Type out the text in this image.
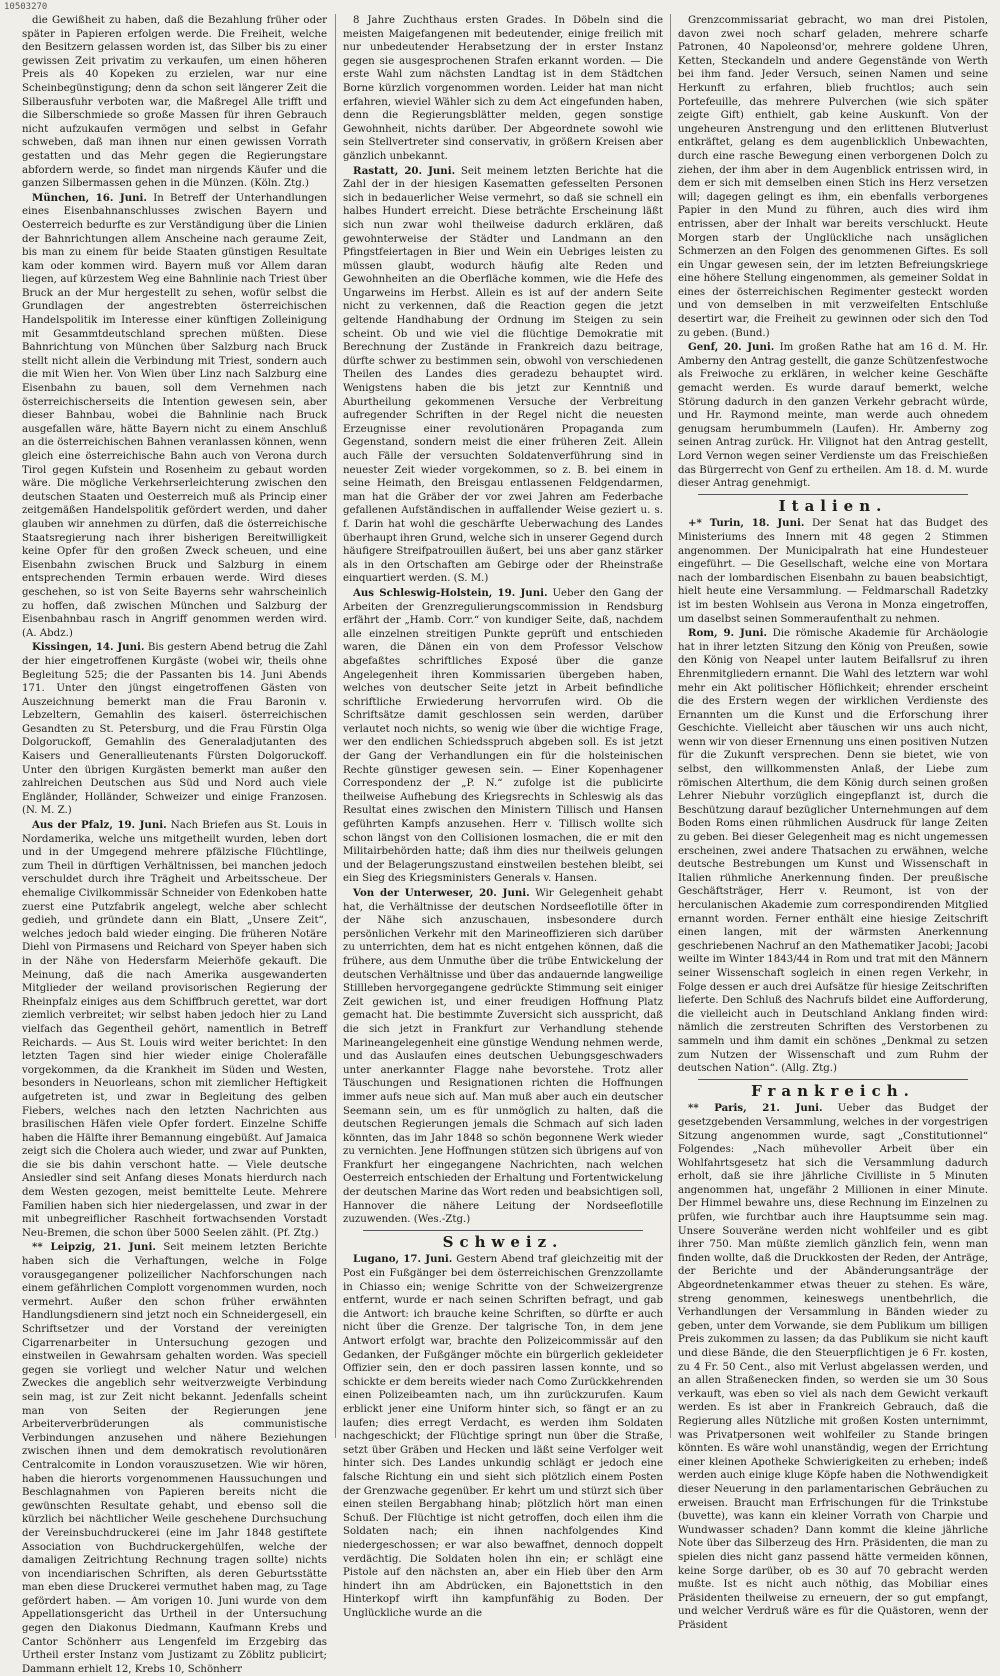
10503270

die Gewißheit zu haben, daß die Bezahlung früher oder später in Papieren erfolgen werde. Die Freiheit, welche den Besitzern gelassen worden ist, das Silber bis zu einer gewissen Zeit privatim zu verkaufen, um einen höheren Preis als 40 Kopeken zu erzielen, war nur eine Scheinbegünstigung; denn da schon seit längerer Zeit die Silberausfuhr verboten war, die Maßregel Alle trifft und die Silberschmiede so große Massen für ihren Gebrauch nicht aufzukaufen vermögen und selbst in Gefahr schweben, daß man ihnen nur einen gewissen Vorrath gestatten und das Mehr gegen die Regierungstare abfordern werde, so findet man nirgends Käufer und die ganzen Silbermassen gehen in die Münzen. (Köln. Ztg.)

München, 16. Juni. In Betreff der Unterhandlungen eines Eisenbahnanschlusses zwischen Bayern und Oesterreich bedurfte es zur Verständigung über die Linien der Bahnrichtungen allem Anscheine nach geraume Zeit, bis man zu einem für beide Staaten günstigen Resultate kam oder kommen wird. Bayern muß vor Allem daran liegen, auf kürzestem Weg eine Bahnlinie nach Triest über Bruck an der Mur hergestellt zu sehen, wofür selbst die Grundlagen der angestrebten österreichischen Handelspolitik im Interesse einer künftigen Zolleinigung mit Gesammtdeutschland sprechen müßten. Diese Bahnrichtung von München über Salzburg nach Bruck stellt nicht allein die Verbindung mit Triest, sondern auch die mit Wien her. Von Wien über Linz nach Salzburg eine Eisenbahn zu bauen, soll dem Vernehmen nach österreichischerseits die Intention gewesen sein, aber dieser Bahnbau, wobei die Bahnlinie nach Bruck ausgefallen wäre, hätte Bayern nicht zu einem Anschluß an die österreichischen Bahnen veranlassen können, wenn gleich eine österreichische Bahn auch von Verona durch Tirol gegen Kufstein und Rosenheim zu gebaut worden wäre. Die mögliche Verkehrserleichterung zwischen den deutschen Staaten und Oesterreich muß als Princip einer zeitgemäßen Handelspolitik gefördert werden, und daher glauben wir annehmen zu dürfen, daß die österreichische Staatsregierung nach ihrer bisherigen Bereitwilligkeit keine Opfer für den großen Zweck scheuen, und eine Eisenbahn zwischen Bruck und Salzburg in einem entsprechenden Termin erbauen werde. Wird dieses geschehen, so ist von Seite Bayerns sehr wahrscheinlich zu hoffen, daß zwischen München und Salzburg der Eisenbahnbau rasch in Angriff genommen werden wird. (A. Abdz.)

Kissingen, 14. Juni. Bis gestern Abend betrug die Zahl der hier eingetroffenen Kurgäste (wobei wir, theils ohne Begleitung 525; die der Passanten bis 14. Juni Abends 171. Unter den jüngst eingetroffenen Gästen von Auszeichnung bemerkt man die Frau Baronin v. Lebzeltern, Gemahlin des kaiserl. österreichischen Gesandten zu St. Petersburg, und die Frau Fürstin Olga Dolgoruckoff, Gemahlin des Generaladjutanten des Kaisers und Generallieutenants Fürsten Dolgoruckoff. Unter den übrigen Kurgästen bemerkt man außer den zahlreichen Deutschen aus Süd und Nord auch viele Engländer, Holländer, Schweizer und einige Franzosen. (N. M. Z.)

Aus der Pfalz, 19. Juni. Nach Briefen aus St. Louis in Nordamerika, welche uns mitgetheilt wurden, leben dort und in der Umgegend mehrere pfälzische Flüchtlinge, zum Theil in dürftigen Verhältnissen, bei manchen jedoch verschuldet durch ihre Trägheit und Arbeitsscheue. Der ehemalige Civilkommissär Schneider von Edenkoben hatte zuerst eine Putzfabrik angelegt, welche aber schlecht gedieh, und gründete dann ein Blatt, „Unsere Zeit“, welches jedoch bald wieder einging. Die früheren Notäre Diehl von Pirmasens und Reichard von Speyer haben sich in der Nähe von Hedersfarm Meierhöfe gekauft. Die Meinung, daß die nach Amerika ausgewanderten Mitglieder der weiland provisorischen Regierung der Rheinpfalz einiges aus dem Schiffbruch gerettet, war dort ziemlich verbreitet; wir selbst haben jedoch hier zu Land vielfach das Gegentheil gehört, namentlich in Betreff Reichards. — Aus St. Louis wird weiter berichtet: In den letzten Tagen sind hier wieder einige Cholerafälle vorgekommen, da die Krankheit im Süden und Westen, besonders in Neuorleans, schon mit ziemlicher Heftigkeit aufgetreten ist, und zwar in Begleitung des gelben Fiebers, welches nach den letzten Nachrichten aus brasilischen Häfen viele Opfer fordert. Einzelne Schiffe haben die Hälfte ihrer Bemannung eingebüßt. Auf Jamaica zeigt sich die Cholera auch wieder, und zwar auf Punkten, die sie bis dahin verschont hatte. — Viele deutsche Ansiedler sind seit Anfang dieses Monats hierdurch nach dem Westen gezogen, meist bemittelte Leute. Mehrere Familien haben sich hier niedergelassen, und zwar in der mit unbegreiflicher Raschheit fortwachsenden Vorstadt Neu-Bremen, die schon über 5000 Seelen zählt. (Pf. Ztg.)

** Leipzig, 21. Juni. Seit meinem letzten Berichte haben sich die Verhaftungen, welche in Folge vorausgegangener polizeilicher Nachforschungen nach einem gefährlichen Complott vorgenommen wurden, noch vermehrt. Außer den schon früher erwähnten Handlungsdienern sind jetzt noch ein Schneidergesell, ein Schriftsetzer und der Vorstand der vereinigten Cigarrenarbeiter in Untersuchung gezogen und einstweilen in Gewahrsam gehalten worden. Was speciell gegen sie vorliegt und welcher Natur und welchen Zweckes die angeblich sehr weitverzweigte Verbindung sein mag, ist zur Zeit nicht bekannt. Jedenfalls scheint man von Seiten der Regierungen jene Arbeiterverbrüderungen als communistische Verbindungen anzusehen und nähere Beziehungen zwischen ihnen und dem demokratisch revolutionären Centralcomite in London vorauszusetzen. Wie wir hören, haben die hierorts vorgenommenen Haussuchungen und Beschlagnahmen von Papieren bereits nicht die gewünschten Resultate gehabt, und ebenso soll die kürzlich bei nächtlicher Weile geschehene Durchsuchung der Vereinsbuchdruckerei (eine im Jahr 1848 gestiftete Association von Buchdruckergehülfen, welche der damaligen Zeitrichtung Rechnung tragen sollte) nichts von incendiarischen Schriften, als deren Geburtsstätte man eben diese Druckerei vermuthet haben mag, zu Tage gefördert haben. — Am vorigen 10. Juni wurde von dem Appellationsgericht das Urtheil in der Untersuchung gegen den Diakonus Diedmann, Kaufmann Krebs und Cantor Schönherr aus Lengenfeld im Erzgebirg das Urtheil erster Instanz vom Justizamt zu Zöblitz publicirt; Dammann erhielt 12, Krebs 10, Schönherr

8 Jahre Zuchthaus ersten Grades. In Döbeln sind die meisten Maigefangenen mit bedeutender, einige freilich mit nur unbedeutender Herabsetzung der in erster Instanz gegen sie ausgesprochenen Strafen erkannt worden. — Die erste Wahl zum nächsten Landtag ist in dem Städtchen Borne kürzlich vorgenommen worden. Leider hat man nicht erfahren, wieviel Wähler sich zu dem Act eingefunden haben, denn die Regierungsblätter melden, gegen sonstige Gewohnheit, nichts darüber. Der Abgeordnete sowohl wie sein Stellvertreter sind conservativ, in größern Kreisen aber gänzlich unbekannt.

Rastatt, 20. Juni. Seit meinem letzten Berichte hat die Zahl der in der hiesigen Kasematten gefesselten Personen sich in bedauerlicher Weise vermehrt, so daß sie schnell ein halbes Hundert erreicht. Diese beträchte Erscheinung läßt sich nun zwar wohl theilweise dadurch erklären, daß gewohnterweise der Städter und Landmann an den Pfingstfeiertagen in Bier und Wein ein Uebriges leisten zu müssen glaubt, wodurch häufig alte Reden und Gewohnheiten an die Oberfläche kommen, wie die Hefe des Ungarweins im Herbst. Allein es ist auf der andern Seite nicht zu verkennen, daß die Reaction gegen die jetzt geltende Handhabung der Ordnung im Steigen zu sein scheint. Ob und wie viel die flüchtige Demokratie mit Berechnung der Zustände in Frankreich dazu beitrage, dürfte schwer zu bestimmen sein, obwohl von verschiedenen Theilen des Landes dies geradezu behauptet wird. Wenigstens haben die bis jetzt zur Kenntniß und Aburtheilung gekommenen Versuche der Verbreitung aufregender Schriften in der Regel nicht die neuesten Erzeugnisse einer revolutionären Propaganda zum Gegenstand, sondern meist die einer früheren Zeit. Allein auch Fälle der versuchten Soldatenverführung sind in neuester Zeit wieder vorgekommen, so z. B. bei einem in seine Heimath, den Breisgau entlassenen Feldgendarmen, man hat die Gräber der vor zwei Jahren am Federbache gefallenen Aufständischen in auffallender Weise geziert u. s. f. Darin hat wohl die geschärfte Ueberwachung des Landes überhaupt ihren Grund, welche sich in unserer Gegend durch häufigere Streifpatrouillen äußert, bei uns aber ganz stärker als in den Ortschaften am Gebirge oder der Rheinstraße einquartiert werden. (S. M.)

Aus Schleswig-Holstein, 19. Juni. Ueber den Gang der Arbeiten der Grenzregulierungscommission in Rendsburg erfährt der „Hamb. Corr.“ von kundiger Seite, daß, nachdem alle einzelnen streitigen Punkte geprüft und entschieden waren, die Dänen ein von dem Professor Velschow abgefaßtes schriftliches Exposé über die ganze Angelegenheit ihren Kommissarien übergeben haben, welches von deutscher Seite jetzt in Arbeit befindliche schriftliche Erwiederung hervorrufen wird. Ob die Schriftsätze damit geschlossen sein werden, darüber verlautet noch nichts, so wenig wie über die wichtige Frage, wer den endlichen Schiedsspruch abgeben soll. Es ist jetzt der Gang der Verhandlungen ein für die holsteinischen Rechte günstiger gewesen sein. — Einer Kopenhagener Correspondenz der „P. N.“ zufolge ist die publicirte theilweise Aufhebung des Kriegsrechts in Schleswig als das Resultat eines zwischen den Ministern Tillisch und Hansen geführten Kampfs anzusehen. Herr v. Tillisch wollte sich schon längst von den Collisionen losmachen, die er mit den Militairbehörden hatte; daß ihm dies nur theilweis gelungen und der Belagerungszustand einstweilen bestehen bleibt, sei ein Sieg des Kriegsministers Generals v. Hansen.

Von der Unterweser, 20. Juni. Wir Gelegenheit gehabt hat, die Verhältnisse der deutschen Nordseeflotille öfter in der Nähe sich anzuschauen, insbesondere durch persönlichen Verkehr mit den Marineoffizieren sich darüber zu unterrichten, dem hat es nicht entgehen können, daß die frühere, aus dem Unmuthe über die trübe Entwickelung der deutschen Verhältnisse und über das andauernde langweilige Stillleben hervorgegangene gedrückte Stimmung seit einiger Zeit gewichen ist, und einer freudigen Hoffnung Platz gemacht hat. Die bestimmte Zuversicht sich ausspricht, daß die sich jetzt in Frankfurt zur Verhandlung stehende Marineangelegenheit eine günstige Wendung nehmen werde, und das Auslaufen eines deutschen Uebungsgeschwaders unter anerkannter Flagge nahe bevorstehe. Trotz aller Täuschungen und Resignationen richten die Hoffnungen immer aufs neue sich auf. Man muß aber auch ein deutscher Seemann sein, um es für unmöglich zu halten, daß die deutschen Regierungen jemals die Schmach auf sich laden könnten, das im Jahr 1848 so schön begonnene Werk wieder zu vernichten. Jene Hoffnungen stützen sich übrigens auf von Frankfurt her eingegangene Nachrichten, nach welchen Oesterreich entschieden der Erhaltung und Fortentwickelung der deutschen Marine das Wort reden und beabsichtigen soll, Hannover die nähere Leitung der Nordseeflotille zuzuwenden. (Wes.-Ztg.)

Schweiz.

Lugano, 17. Juni. Gestern Abend traf gleichzeitig mit der Post ein Fußgänger bei dem österreichischen Grenzzollamte in Chiasso ein; wenige Schritte von der Schweizergrenze entfernt, wurde er nach seinen Schriften befragt, und gab die Antwort: ich brauche keine Schriften, so dürfte er auch nicht über die Grenze. Der talgrische Ton, in dem jene Antwort erfolgt war, brachte den Polizeicommissär auf den Gedanken, der Fußgänger möchte ein bürgerlich gekleideter Offizier sein, den er doch passiren lassen konnte, und so schickte er dem bereits wieder nach Como Zurückkehrenden einen Polizeibeamten nach, um ihn zurückzurufen. Kaum erblickt jener eine Uniform hinter sich, so fängt er an zu laufen; dies erregt Verdacht, es werden ihm Soldaten nachgeschickt; der Flüchtige springt nun über die Straße, setzt über Gräben und Hecken und läßt seine Verfolger weit hinter sich. Des Landes unkundig schlägt er jedoch eine falsche Richtung ein und sieht sich plötzlich einem Posten der Grenzwache gegenüber. Er kehrt um und stürzt sich über einen steilen Bergabhang hinab; plötzlich hört man einen Schuß. Der Flüchtige ist nicht getroffen, doch eilen ihm die Soldaten nach; ein ihnen nachfolgendes Kind niedergeschossen; er war also bewaffnet, dennoch doppelt verdächtig. Die Soldaten holen ihn ein; er schlägt eine Pistole auf den nächsten an, aber ein Hieb über den Arm hindert ihn am Abdrücken, ein Bajonettstich in den Hinterkopf wirft ihn kampfunfähig zu Boden. Der Unglückliche wurde an die

Grenzcommissariat gebracht, wo man drei Pistolen, davon zwei noch scharf geladen, mehrere scharfe Patronen, 40 Napoleonsd'or, mehrere goldene Uhren, Ketten, Steckandeln und andere Gegenstände von Werth bei ihm fand. Jeder Versuch, seinen Namen und seine Herkunft zu erfahren, blieb fruchtlos; auch sein Portefeuille, das mehrere Pulverchen (wie sich später zeigte Gift) enthielt, gab keine Auskunft. Von der ungeheuren Anstrengung und den erlittenen Blutverlust entkräftet, gelang es dem augenblicklich Unbewachten, durch eine rasche Bewegung einen verborgenen Dolch zu ziehen, der ihm aber in dem Augenblick entrissen wird, in dem er sich mit demselben einen Stich ins Herz versetzen will; dagegen gelingt es ihm, ein ebenfalls verborgenes Papier in den Mund zu führen, auch dies wird ihm entrissen, aber der Inhalt war bereits verschluckt. Heute Morgen starb der Unglückliche nach unsäglichen Schmerzen an den Folgen des genommenen Giftes. Es soll ein Ungar gewesen sein, der im letzten Befreiungskriege eine höhere Stellung eingenommen, als gemeiner Soldat in eines der österreichischen Regimenter gesteckt worden und von demselben in mit verzweifelten Entschluße desertirt war, die Freiheit zu gewinnen oder sich den Tod zu geben. (Bund.)

Genf, 20. Juni. Im großen Rathe hat am 16 d. M. Hr. Amberny den Antrag gestellt, die ganze Schützenfestwoche als Freiwoche zu erklären, in welcher keine Geschäfte gemacht werden. Es wurde darauf bemerkt, welche Störung dadurch in den ganzen Verkehr gebracht würde, und Hr. Raymond meinte, man werde auch ohnedem genugsam herumbummeln (Laufen). Hr. Amberny zog seinen Antrag zurück. Hr. Vilignot hat den Antrag gestellt, Lord Vernon wegen seiner Verdienste um das Freischießen das Bürgerrecht von Genf zu ertheilen. Am 18. d. M. wurde dieser Antrag genehmigt.

Italien.

+* Turin, 18. Juni. Der Senat hat das Budget des Ministeriums des Innern mit 48 gegen 2 Stimmen angenommen. Der Municipalrath hat eine Hundesteuer eingeführt. — Die Gesellschaft, welche eine von Mortara nach der lombardischen Eisenbahn zu bauen beabsichtigt, hielt heute eine Versammlung. — Feldmarschall Radetzky ist im besten Wohlsein aus Verona in Monza eingetroffen, um daselbst seinen Sommeraufenthalt zu nehmen.

Rom, 9. Juni. Die römische Akademie für Archäologie hat in ihrer letzten Sitzung den König von Preußen, sowie den König von Neapel unter lautem Beifallsruf zu ihren Ehrenmitgliedern ernannt. Die Wahl des letztern war wohl mehr ein Akt politischer Höflichkeit; ehrender erscheint die des Erstern wegen der wirklichen Verdienste des Ernannten um die Kunst und die Erforschung ihrer Geschichte. Vielleicht aber täuschen wir uns auch nicht, wenn wir von dieser Ernennung uns einen positiven Nutzen für die Zukunft versprechen. Denn sie bietet, wie von selbst, den willkommensten Anlaß, der Liebe zum römischen Alterthum, die dem König durch seinen großen Lehrer Niebuhr vorzüglich eingepflanzt ist, durch die Beschützung darauf bezüglicher Unternehmungen auf dem Boden Roms einen rühmlichen Ausdruck für lange Zeiten zu geben. Bei dieser Gelegenheit mag es nicht ungemessen erscheinen, zwei andere Thatsachen zu erwähnen, welche deutsche Bestrebungen um Kunst und Wissenschaft in Italien rühmliche Anerkennung finden. Der preußische Geschäftsträger, Herr v. Reumont, ist von der herculanischen Akademie zum correspondirenden Mitglied ernannt worden. Ferner enthält eine hiesige Zeitschrift einen langen, mit der wärmsten Anerkennung geschriebenen Nachruf an den Mathematiker Jacobi; Jacobi weilte im Winter 1843/44 in Rom und trat mit den Männern seiner Wissenschaft sogleich in einen regen Verkehr, in Folge dessen er auch drei Aufsätze für hiesige Zeitschriften lieferte. Den Schluß des Nachrufs bildet eine Aufforderung, die vielleicht auch in Deutschland Anklang finden wird: nämlich die zerstreuten Schriften des Verstorbenen zu sammeln und ihm damit ein schönes „Denkmal zu setzen zum Nutzen der Wissenschaft und zum Ruhm der deutschen Nation“. (Allg. Ztg.)

Frankreich.

** Paris, 21. Juni. Ueber das Budget der gesetzgebenden Versammlung, welches in der vorgestrigen Sitzung angenommen wurde, sagt „Constitutionnel“ Folgendes: „Nach mühevoller Arbeit über ein Wohlfahrtsgesetz hat sich die Versammlung dadurch erholt, daß sie ihre jährliche Civilliste in 5 Minuten angenommen hat, ungefähr 2 Millionen in einer Minute. Der Himmel bewahre uns, diese Rechnung im Einzelnen zu prüfen, wie furchtbar auch ihre Hauptsumme sein mag. Unsere Souveräne werden nicht wohlfeiler und es gibt ihrer 750. Man müßte ziemlich gänzlich fein, wenn man finden wollte, daß die Druckkosten der Reden, der Anträge, der Berichte und der Abänderungsanträge der Abgeordnetenkammer etwas theuer zu stehen. Es wäre, streng genommen, keineswegs unentbehrlich, die Verhandlungen der Versammlung in Bänden wieder zu geben, unter dem Vorwande, sie dem Publikum um billigen Preis zukommen zu lassen; da das Publikum sie nicht kauft und diese Bände, die den Steuerpflichtigen je 6 Fr. kosten, zu 4 Fr. 50 Cent., also mit Verlust abgelassen werden, und an allen Straßenecken finden, so werden sie um 30 Sous verkauft, was eben so viel als nach dem Gewicht verkauft werden. Es ist aber in Frankreich Gebrauch, daß die Regierung alles Nützliche mit großen Kosten unternimmt, was Privatpersonen weit wohlfeiler zu Stande bringen könnten. Es wäre wohl unanständig, wegen der Errichtung einer kleinen Apotheke Schwierigkeiten zu erheben; indeß werden auch einige kluge Köpfe haben die Nothwendigkeit dieser Neuerung in den parlamentarischen Gebräuchen zu erweisen. Braucht man Erfrischungen für die Trinkstube (buvette), was kann ein kleiner Vorrath von Charpie und Wundwasser schaden? Dann kommt die kleine jährliche Note über das Silberzeug des Hrn. Präsidenten, die man zu spielen dies nicht ganz passend hätte vermeiden können, keine Sorge darüber, ob es 30 auf 70 gebracht werden mußte. Ist es nicht auch nöthig, das Mobiliar eines Präsidenten theilweise zu erneuern, der so gut empfangt, und welcher Verdruß wäre es für die Quästoren, wenn der Präsident
